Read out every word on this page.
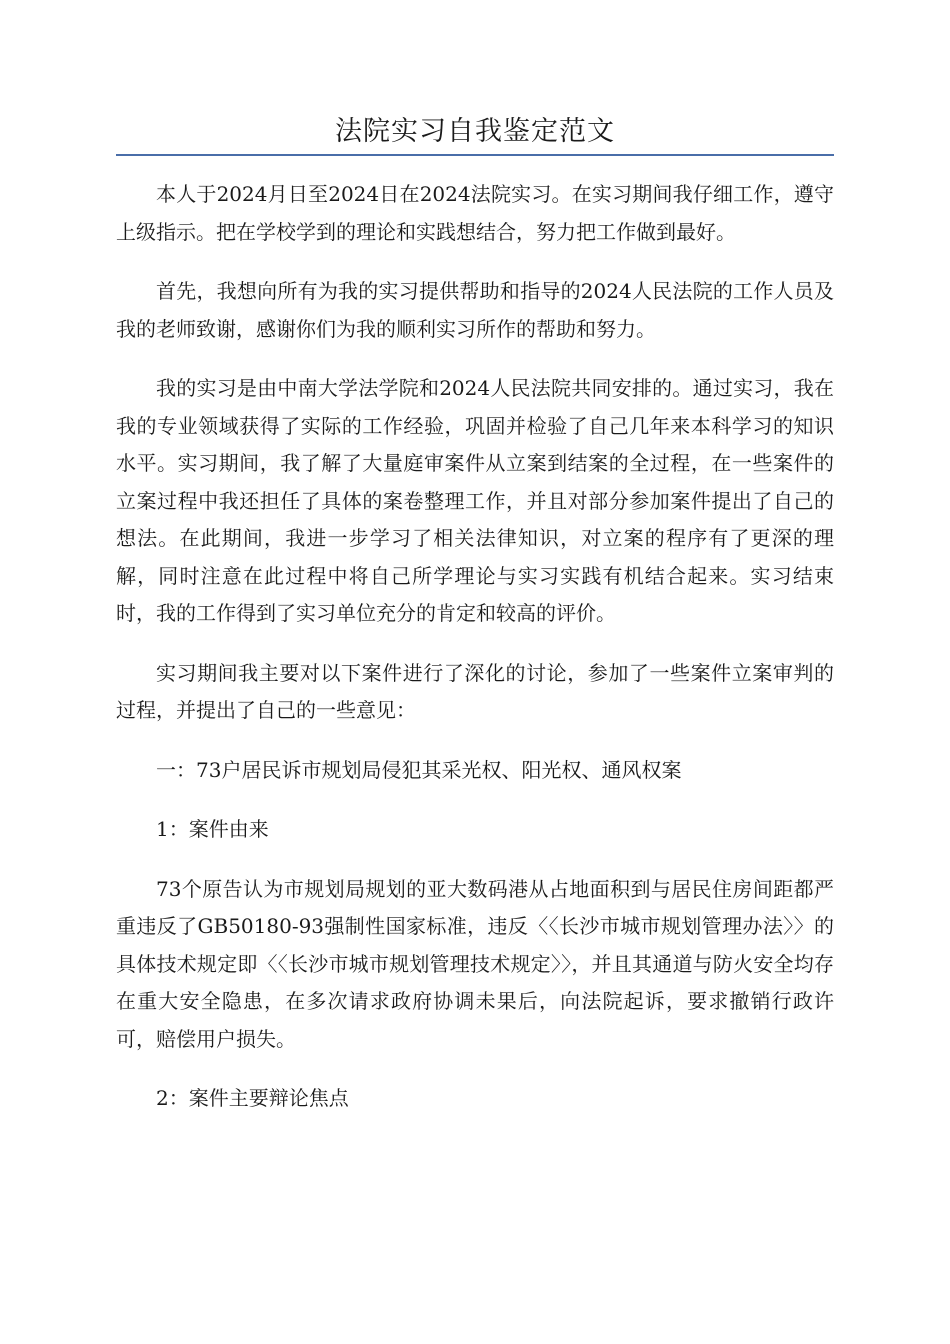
法院实习自我鉴定范文

本人于2024月日至2024日在2024法院实习。在实习期间我仔细工作，遵守上级指示。把在学校学到的理论和实践想结合，努力把工作做到最好。

首先，我想向所有为我的实习提供帮助和指导的2024人民法院的工作人员及我的老师致谢，感谢你们为我的顺利实习所作的帮助和努力。

我的实习是由中南大学法学院和2024人民法院共同安排的。通过实习，我在我的专业领域获得了实际的工作经验，巩固并检验了自己几年来本科学习的知识水平。实习期间，我了解了大量庭审案件从立案到结案的全过程，在一些案件的立案过程中我还担任了具体的案卷整理工作，并且对部分参加案件提出了自己的想法。在此期间，我进一步学习了相关法律知识，对立案的程序有了更深的理解，同时注意在此过程中将自己所学理论与实习实践有机结合起来。实习结束时，我的工作得到了实习单位充分的肯定和较高的评价。

实习期间我主要对以下案件进行了深化的讨论，参加了一些案件立案审判的过程，并提出了自己的一些意见：

一：73户居民诉市规划局侵犯其采光权、阳光权、通风权案

1：案件由来

73个原告认为市规划局规划的亚大数码港从占地面积到与居民住房间距都严重违反了GB50180-93强制性国家标准，违反〈〈长沙市城市规划管理办法〉〉的具体技术规定即〈〈长沙市城市规划管理技术规定〉〉，并且其通道与防火安全均存在重大安全隐患，在多次请求政府协调未果后，向法院起诉，要求撤销行政许可，赔偿用户损失。

2：案件主要辩论焦点
